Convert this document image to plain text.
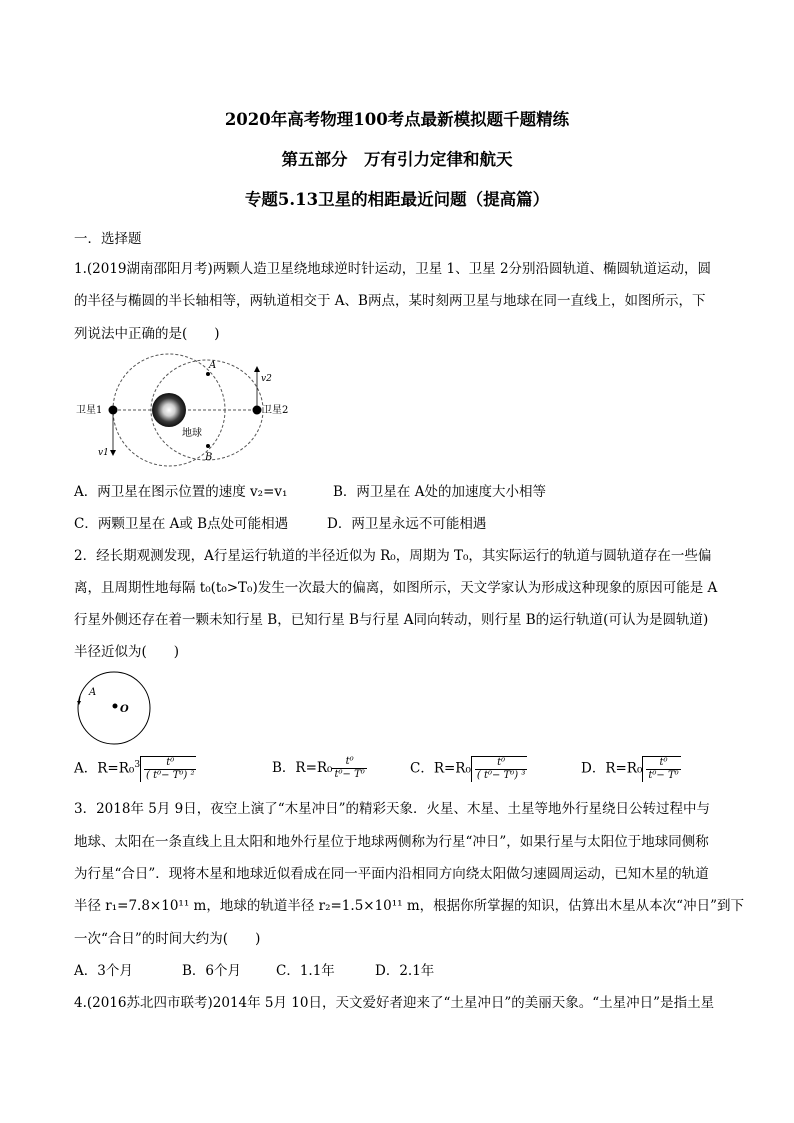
2020年高考物理100考点最新模拟题千题精练
第五部分　万有引力定律和航天
专题5.13卫星的相距最近问题（提高篇）
一．选择题
1.(2019湖南邵阳月考)两颗人造卫星绕地球逆时针运动，卫星 1、卫星 2分别沿圆轨道、椭圆轨道运动，圆
的半径与椭圆的半长轴相等，两轨道相交于 A、B两点，某时刻两卫星与地球在同一直线上，如图所示，下
列说法中正确的是(　　)
卫星1	卫星2
地球
A
B
v1
v2
A．两卫星在图示位置的速度 v₂=v₁	B．两卫星在 A处的加速度大小相等
C．两颗卫星在 A或 B点处可能相遇	D．两卫星永远不可能相遇
2．经长期观测发现，A行星运行轨道的半径近似为 R₀，周期为 T₀，其实际运行的轨道与圆轨道存在一些偏
离，且周期性地每隔 t₀(t₀>T₀)发生一次最大的偏离，如图所示，天文学家认为形成这种现象的原因可能是 A
行星外侧还存在着一颗未知行星 B，已知行星 B与行星 A同向转动，则行星 B的运行轨道(可认为是圆轨道)
半径近似为(　　)
A
O
A．$R=R_0^3 \frac{\text{t⁰}}{\text{( t⁰− T⁰) ²}}$	B．$R=R_0 \frac{\text{t⁰}}{\text{t⁰− T⁰}}$	C．$R=R_0 \frac{\text{t⁰}}{\text{( t⁰− T⁰) ³}}$	D．$R=R_0 \frac{\text{t⁰}}{\text{t⁰− T⁰}}$
3．2018年 5月 9日，夜空上演了“木星冲日”的精彩天象．火星、木星、土星等地外行星绕日公转过程中与
地球、太阳在一条直线上且太阳和地外行星位于地球两侧称为行星“冲日”，如果行星与太阳位于地球同侧称
为行星“合日”．现将木星和地球近似看成在同一平面内沿相同方向绕太阳做匀速圆周运动，已知木星的轨道
半径 r₁=7.8×10¹¹ m，地球的轨道半径 r₂=1.5×10¹¹ m，根据你所掌握的知识，估算出木星从本次“冲日”到下
一次“合日”的时间大约为(　　)
A．3个月	B．6个月	C．1.1年	D．2.1年
4.(2016苏北四市联考)2014年 5月 10日，天文爱好者迎来了“土星冲日”的美丽天象。“土星冲日”是指土星
